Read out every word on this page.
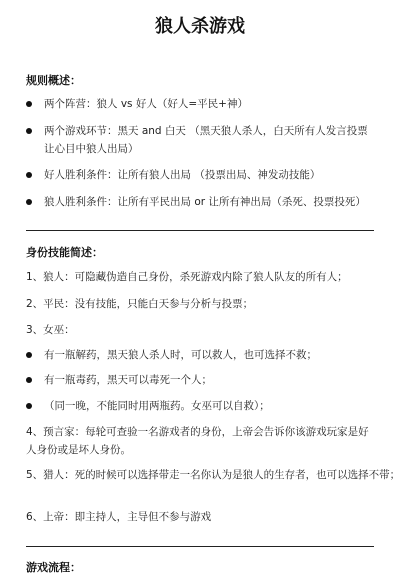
狼人杀游戏
规则概述：
两个阵营：狼人 vs 好人（好人=平民+神）
两个游戏环节：黑天 and 白天 （黑天狼人杀人，白天所有人发言投票让心目中狼人出局）
好人胜利条件：让所有狼人出局 （投票出局、神发动技能）
狼人胜利条件：让所有平民出局 or 让所有神出局（杀死、投票投死）
身份技能简述：
1、狼人：可隐藏伪造自己身份，杀死游戏内除了狼人队友的所有人；
2、平民：没有技能，只能白天参与分析与投票；
3、女巫：
有一瓶解药，黑天狼人杀人时，可以救人，也可选择不救；
有一瓶毒药，黑天可以毒死一个人；
（同一晚，不能同时用两瓶药。女巫可以自救）；
4、预言家：每轮可查验一名游戏者的身份，上帝会告诉你该游戏玩家是好人身份或是坏人身份。
5、猎人：死的时候可以选择带走一名你认为是狼人的生存者，也可以选择不带；
6、上帝：即主持人，主导但不参与游戏
游戏流程：
